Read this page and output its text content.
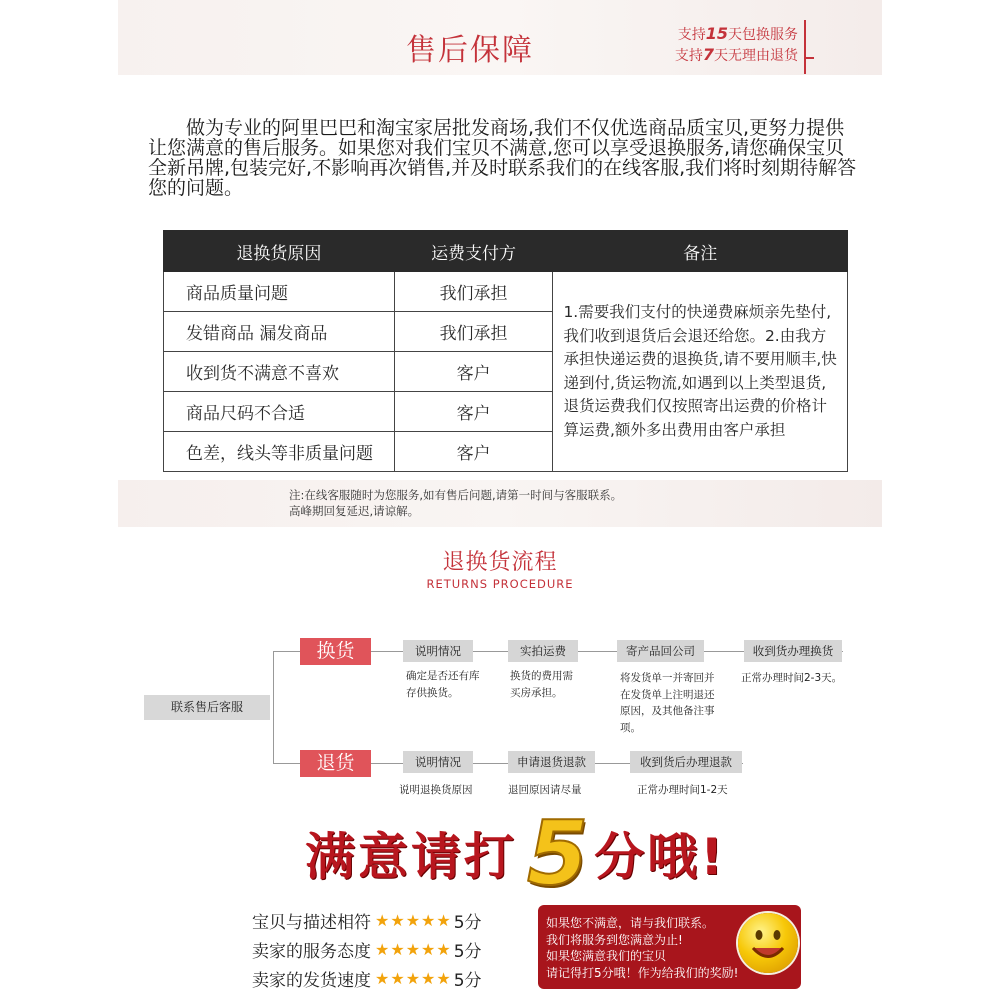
售后保障	支持15天包换服务
支持7天无理由退货
做为专业的阿里巴巴和淘宝家居批发商场,我们不仅优选商品质宝贝,更努力提供让您满意的售后服务。如果您对我们宝贝不满意,您可以享受退换服务,请您确保宝贝全新吊牌,包装完好,不影响再次销售,并及时联系我们的在线客服,我们将时刻期待解答您的问题。
退换货原因	运费支付方	备注
商品质量问题	我们承担	1.需要我们支付的快递费麻烦亲先垫付,我们收到退货后会退还给您。2.由我方承担快递运费的退换货,请不要用顺丰,快递到付,货运物流,如遇到以上类型退货,退货运费我们仅按照寄出运费的价格计算运费,额外多出费用由客户承担
发错商品 漏发商品	我们承担	
收到货不满意不喜欢	客户	
商品尺码不合适	客户	
色差，线头等非质量问题	客户	
注:在线客服随时为您服务,如有售后问题,请第一时间与客服联系。
高峰期回复延迟,请谅解。
退换货流程
RETURNS PROCEDURE
联系售后客服
换货	说明情况	实拍运费	寄产品回公司	收到货办理换货
确定是否还有库存供换货。
换货的费用需买房承担。
将发货单一并寄回并在发货单上注明退还原因，及其他备注事项。
正常办理时间2-3天。
退货	说明情况	申请退货退款	收到货后办理退款
说明退换货原因	退回原因请尽量	正常办理时间1-2天
满意请打 5 分哦!
宝贝与描述相符 ★★★★★ 5分
卖家的服务态度 ★★★★★ 5分
卖家的发货速度 ★★★★★ 5分
如果您不满意，请与我们联系。
我们将服务到您满意为止!
如果您满意我们的宝贝
请记得打5分哦！作为给我们的奖励!
